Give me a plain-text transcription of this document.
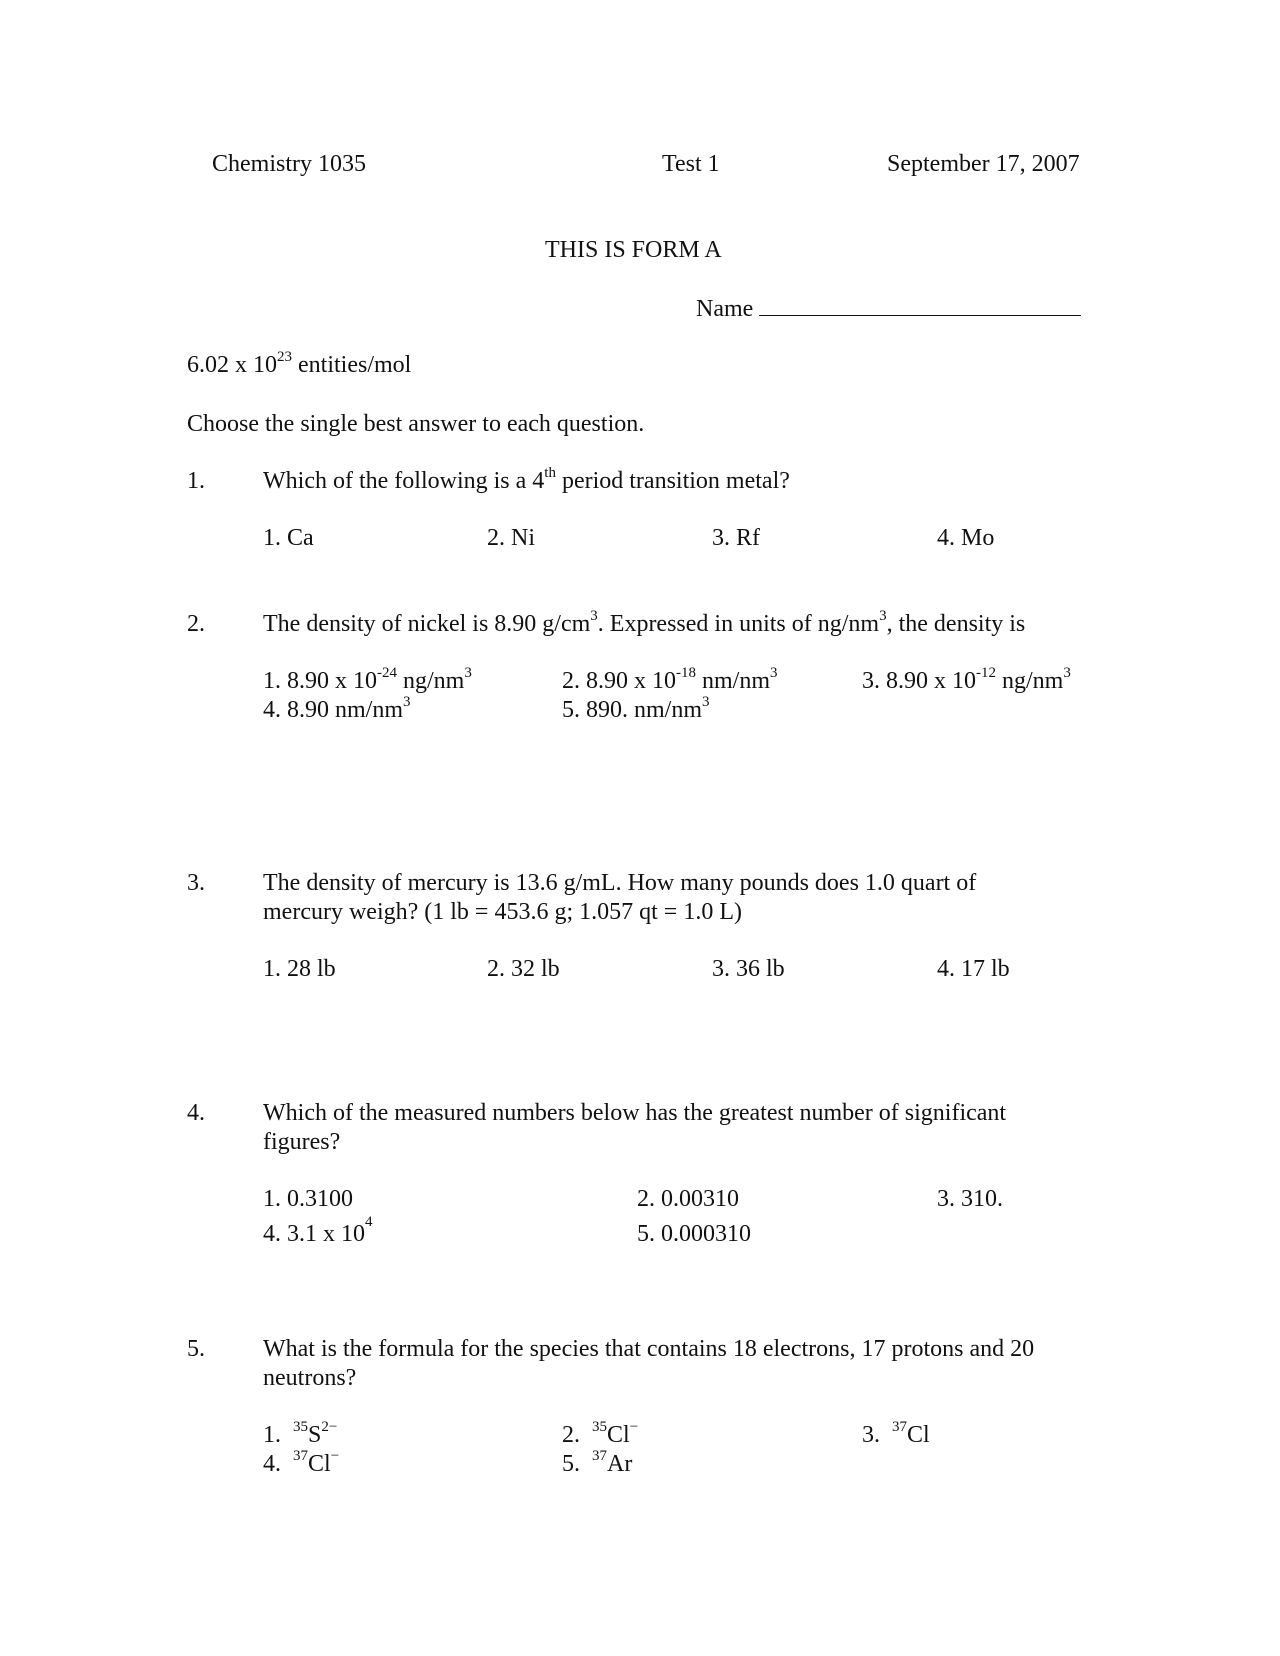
Chemistry 1035	Test 1	September 17, 2007
THIS IS FORM A
Name
6.02 x $10^{23}$ entities/mol
Choose the single best answer to each question.
1. Which of the following is a 4th period transition metal?
1. Ca	2. Ni	3. Rf	4. Mo
2. The density of nickel is 8.90 $g/cm^3$. Expressed in units of $ng/nm^3$, the density is
1. 8.90 x $10^{-24}$ $ng/nm^3$	2. 8.90 x $10^{-18}$ $nm/nm^3$	3. 8.90 x $10^{-12}$ $ng/nm^3$
4. 8.90 $nm/nm^3$	5. 890. $nm/nm^3$
3. The density of mercury is 13.6 g/mL. How many pounds does 1.0 quart of
mercury weigh? (1 lb = 453.6 g; 1.057 qt = 1.0 L)
1. 28 lb	2. 32 lb	3. 36 lb	4. 17 lb
4. Which of the measured numbers below has the greatest number of significant
figures?
1. 0.3100	2. 0.00310	3. 310.
4. 3.1 x $10^4$	5. 0.000310
5. What is the formula for the species that contains 18 electrons, 17 protons and 20
neutrons?
1. $^{35}S^{2-}$	2. $^{35}$Cl−	3. $^{37}$Cl
4. $^{37}$Cl−	5. $^{37}$Ar
